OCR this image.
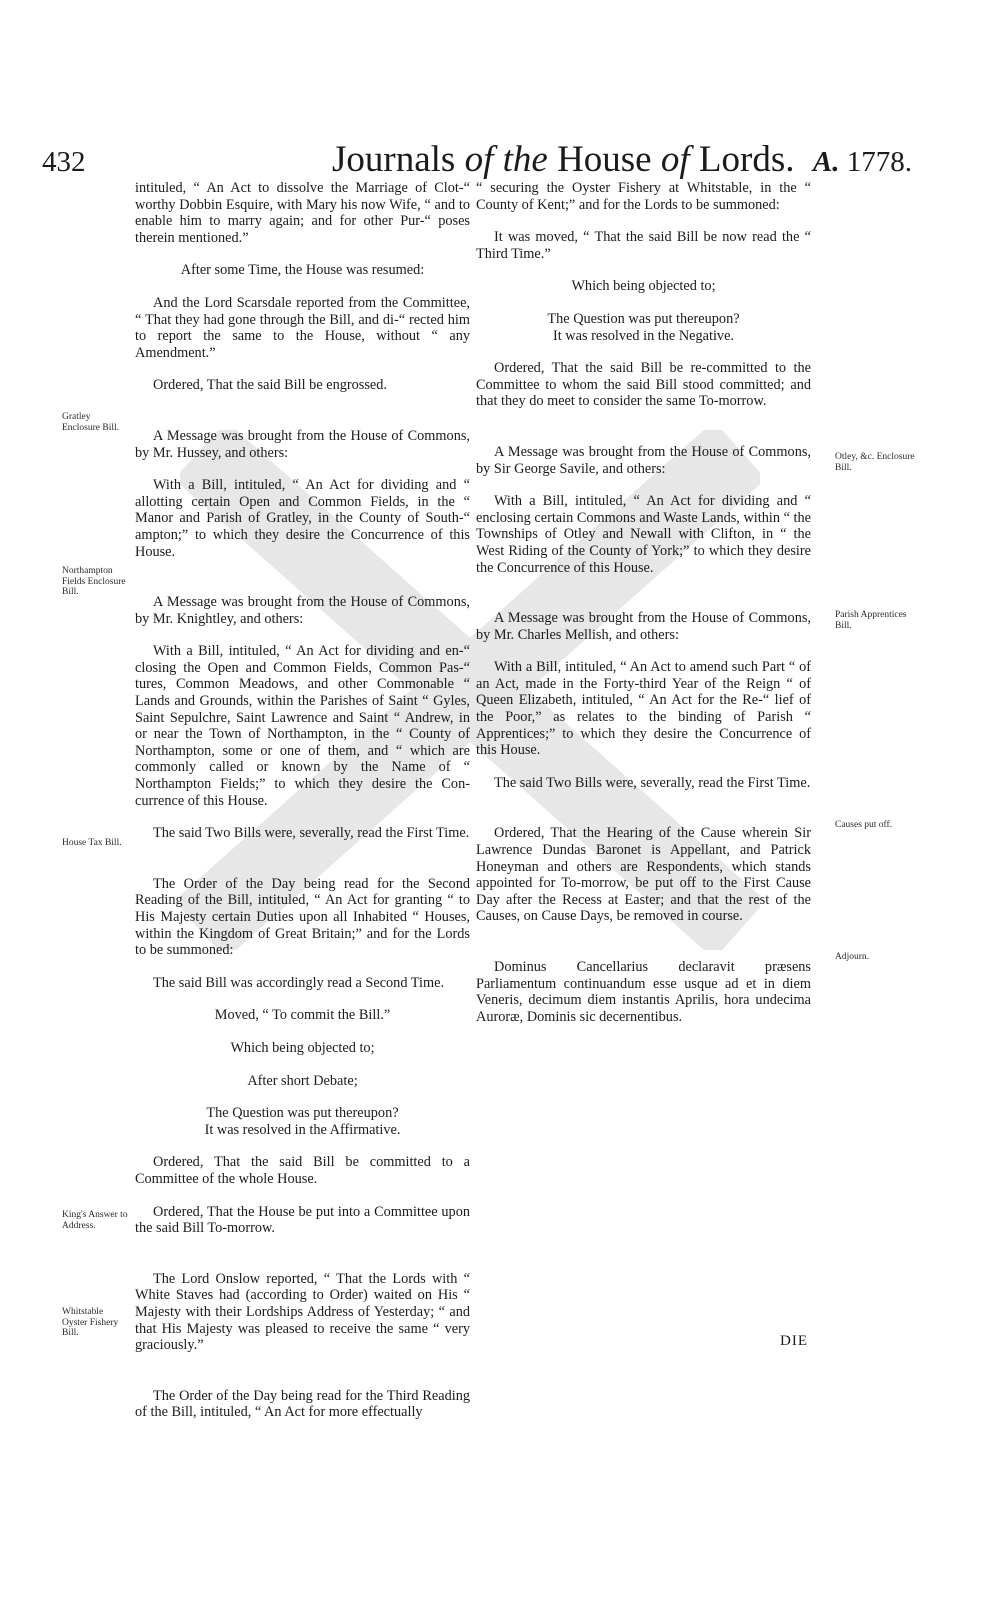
432	Journals of the House of Lords. A. 1778.

intituled, “ An Act to dissolve the Marriage of Clot-“ worthy Dobbin Esquire, with Mary his now Wife, “ and to enable him to marry again; and for other Pur-“ poses therein mentioned.”

After some Time, the House was resumed:

And the Lord Scarsdale reported from the Committee, “ That they had gone through the Bill, and di-“ rected him to report the same to the House, without “ any Amendment.”

Ordered, That the said Bill be engrossed.

A Message was brought from the House of Commons, by Mr. Hussey, and others:

With a Bill, intituled, “ An Act for dividing and “ allotting certain Open and Common Fields, in the “ Manor and Parish of Gratley, in the County of South-“ ampton;” to which they desire the Concurrence of this House.

A Message was brought from the House of Commons, by Mr. Knightley, and others:

With a Bill, intituled, “ An Act for dividing and en-“ closing the Open and Common Fields, Common Pas-“ tures, Common Meadows, and other Commonable “ Lands and Grounds, within the Parishes of Saint “ Gyles, Saint Sepulchre, Saint Lawrence and Saint “ Andrew, in or near the Town of Northampton, in the “ County of Northampton, some or one of them, and “ which are commonly called or known by the Name of “ Northampton Fields;” to which they desire the Con-currence of this House.

The said Two Bills were, severally, read the First Time.

The Order of the Day being read for the Second Reading of the Bill, intituled, “ An Act for granting “ to His Majesty certain Duties upon all Inhabited “ Houses, within the Kingdom of Great Britain;” and for the Lords to be summoned:

The said Bill was accordingly read a Second Time.

Moved, “ To commit the Bill.”

Which being objected to;

After short Debate;

The Question was put thereupon?

It was resolved in the Affirmative.

Ordered, That the said Bill be committed to a Committee of the whole House.

Ordered, That the House be put into a Committee upon the said Bill To-morrow.

The Lord Onslow reported, “ That the Lords with “ White Staves had (according to Order) waited on His “ Majesty with their Lordships Address of Yesterday; “ and that His Majesty was pleased to receive the same “ very graciously.”

The Order of the Day being read for the Third Reading of the Bill, intituled, “ An Act for more effectually

“ securing the Oyster Fishery at Whitstable, in the “ County of Kent;” and for the Lords to be summoned:

It was moved, “ That the said Bill be now read the “ Third Time.”

Which being objected to;

The Question was put thereupon?

It was resolved in the Negative.

Ordered, That the said Bill be re-committed to the Committee to whom the said Bill stood committed; and that they do meet to consider the same To-morrow.

A Message was brought from the House of Commons, by Sir George Savile, and others:

With a Bill, intituled, “ An Act for dividing and “ enclosing certain Commons and Waste Lands, within “ the Townships of Otley and Newall with Clifton, in “ the West Riding of the County of York;” to which they desire the Concurrence of this House.

A Message was brought from the House of Commons, by Mr. Charles Mellish, and others:

With a Bill, intituled, “ An Act to amend such Part “ of an Act, made in the Forty-third Year of the Reign “ of Queen Elizabeth, intituled, “ An Act for the Re-“ lief of the Poor,” as relates to the binding of Parish “ Apprentices;” to which they desire the Concurrence of this House.

The said Two Bills were, severally, read the First Time.

Ordered, That the Hearing of the Cause wherein Sir Lawrence Dundas Baronet is Appellant, and Patrick Honeyman and others are Respondents, which stands appointed for To-morrow, be put off to the First Cause Day after the Recess at Easter; and that the rest of the Causes, on Cause Days, be removed in course.

Dominus Cancellarius declaravit præsens Parliamentum continuandum esse usque ad et in diem Veneris, decimum diem instantis Aprilis, hora undecima Auroræ, Dominis sic decernentibus.

Gratley Enclosure Bill.
Northampton Fields Enclosure Bill.
House Tax Bill.
King's Answer to Address.
Whitstable Oyster Fishery Bill.
Otley, &c. Enclosure Bill.
Parish Apprentices Bill.
Causes put off.
Adjourn.
DIE
